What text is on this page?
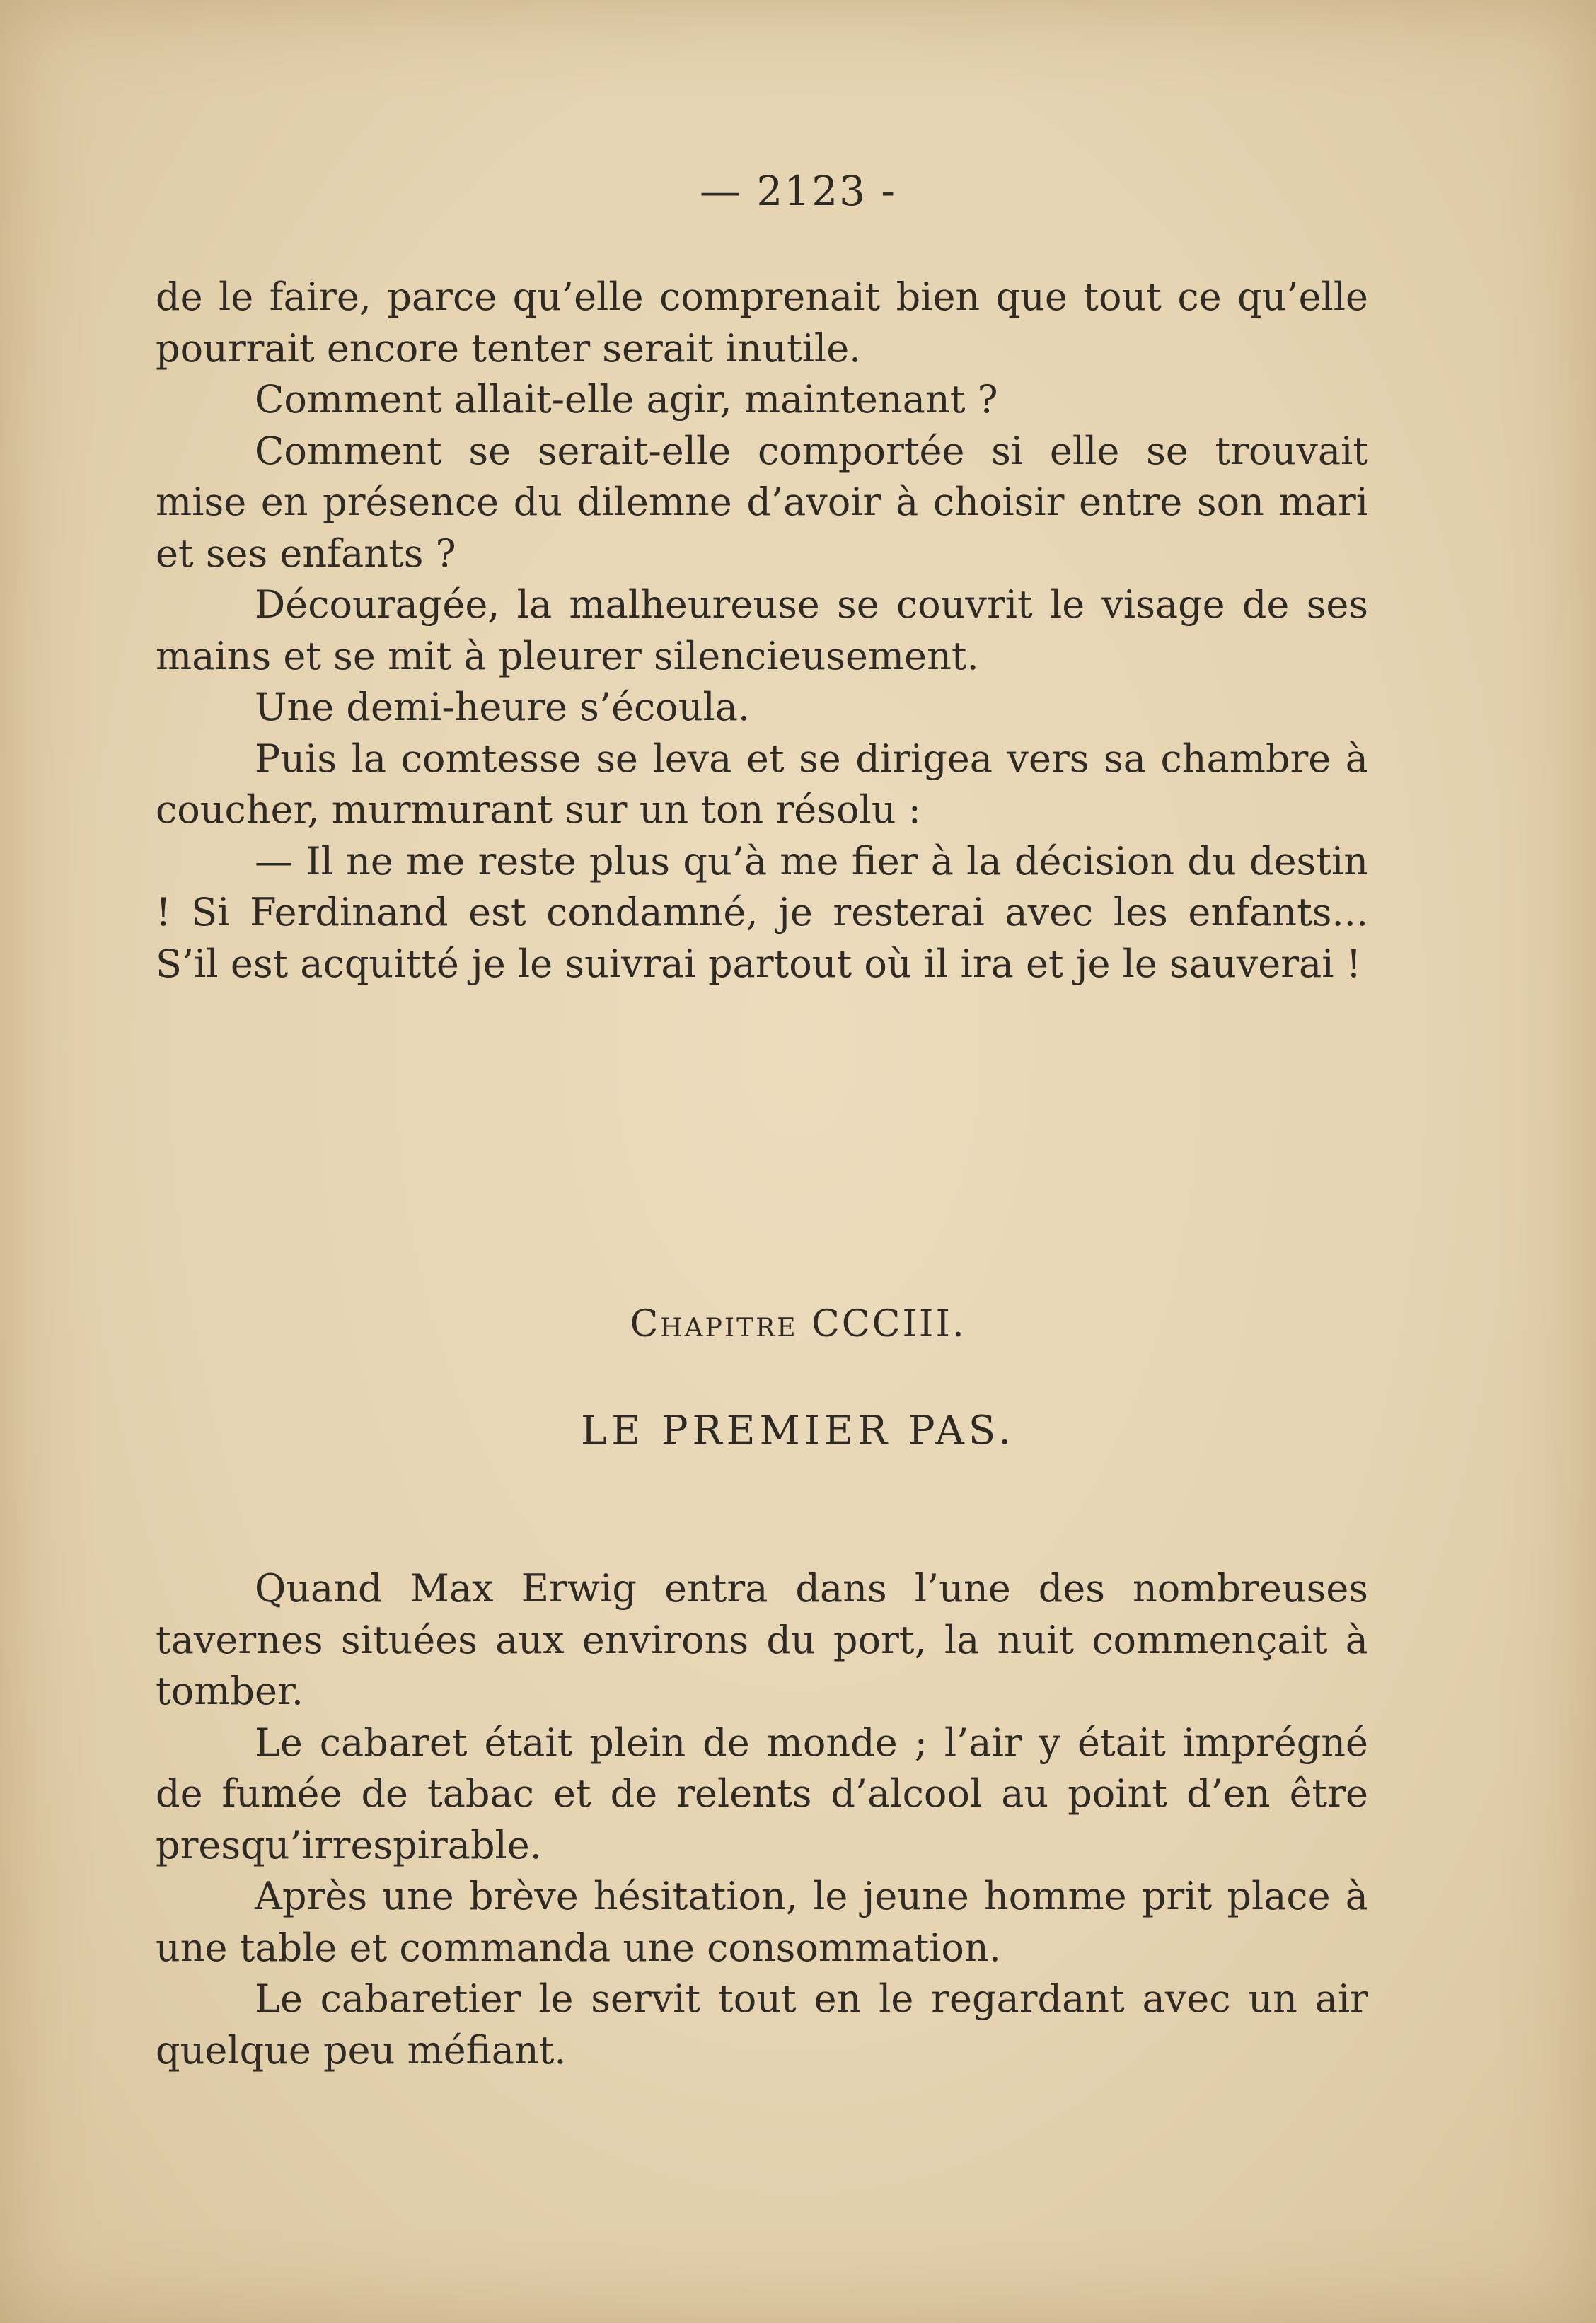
— 2123 -

de le faire, parce qu’elle comprenait bien que tout ce qu’elle pourrait encore tenter serait inutile.

Comment allait-elle agir, maintenant ?

Comment se serait-elle comportée si elle se trouvait mise en présence du dilemne d’avoir à choisir entre son mari et ses enfants ?

Découragée, la malheureuse se couvrit le visage de ses mains et se mit à pleurer silencieusement.

Une demi-heure s’écoula.

Puis la comtesse se leva et se dirigea vers sa chambre à coucher, murmurant sur un ton résolu :

— Il ne me reste plus qu’à me fier à la décision du destin ! Si Ferdinand est condamné, je resterai avec les enfants... S’il est acquitté je le suivrai partout où il ira et je le sauverai !

Chapitre CCCIII.
LE PREMIER PAS.

Quand Max Erwig entra dans l’une des nombreuses tavernes situées aux environs du port, la nuit commençait à tomber.

Le cabaret était plein de monde ; l’air y était imprégné de fumée de tabac et de relents d’alcool au point d’en être presqu’irrespirable.

Après une brève hésitation, le jeune homme prit place à une table et commanda une consommation.

Le cabaretier le servit tout en le regardant avec un air quelque peu méfiant.
